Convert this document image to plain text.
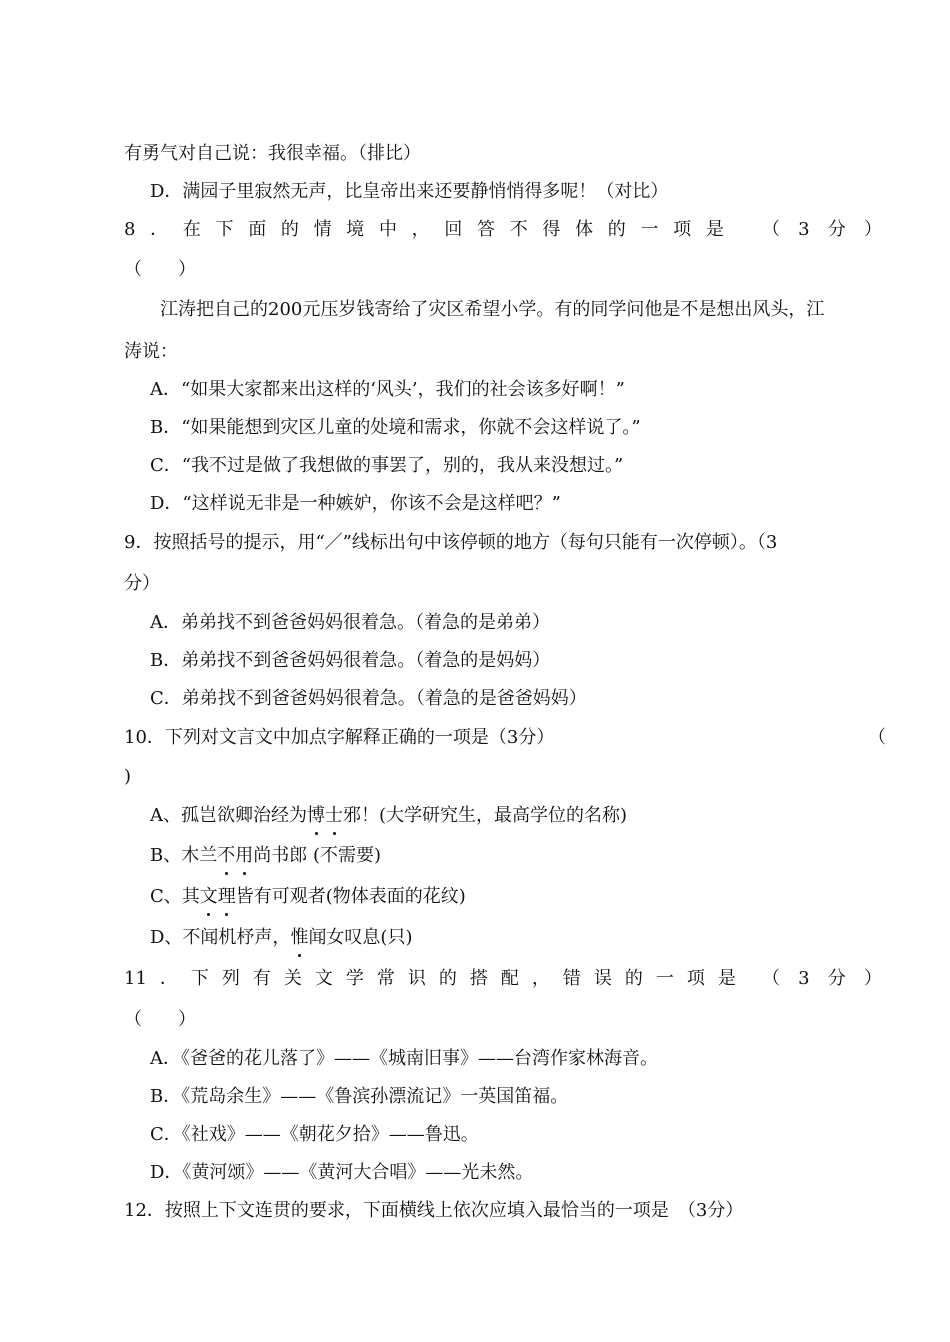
有勇气对自己说：我很幸福。（排比）
D．满园子里寂然无声，比皇帝出来还要静悄悄得多呢！（对比）
8 ． 在 下 面 的 情 境 中 ， 回 答 不 得 体 的 一 项 是 （ 3 分 ）
（　　）
江涛把自己的200元压岁钱寄给了灾区希望小学。有的同学问他是不是想出风头，江
涛说：
A．“如果大家都来出这样的‘风头’，我们的社会该多好啊！”
B．“如果能想到灾区儿童的处境和需求，你就不会这样说了。”
C．“我不过是做了我想做的事罢了，别的，我从来没想过。”
D．“这样说无非是一种嫉妒，你该不会是这样吧？”
9．按照括号的提示，用“／”线标出句中该停顿的地方（每句只能有一次停顿）。（3
分）
A．弟弟找不到爸爸妈妈很着急。（着急的是弟弟）
B．弟弟找不到爸爸妈妈很着急。（着急的是妈妈）
C．弟弟找不到爸爸妈妈很着急。（着急的是爸爸妈妈）
10．下列对文言文中加点字解释正确的一项是（3分）	（
)
A、孤岂欲卿治经为博士邪！(大学研究生，最高学位的名称)
B、木兰不用尚书郎 (不需要)
C、其文理皆有可观者(物体表面的花纹)
D、不闻机杼声，惟闻女叹息(只)
11 ． 下 列 有 关 文 学 常 识 的 搭 配 ， 错 误 的 一 项 是 （ 3 分 ）
（　　）
A．《爸爸的花儿落了》——《城南旧事》——台湾作家林海音。
B．《荒岛余生》——《鲁滨孙漂流记》一英国笛福。
C．《社戏》——《朝花夕拾》——鲁迅。
D．《黄河颂》——《黄河大合唱》——光未然。
12．按照上下文连贯的要求，下面横线上依次应填入最恰当的一项是　（3分）
